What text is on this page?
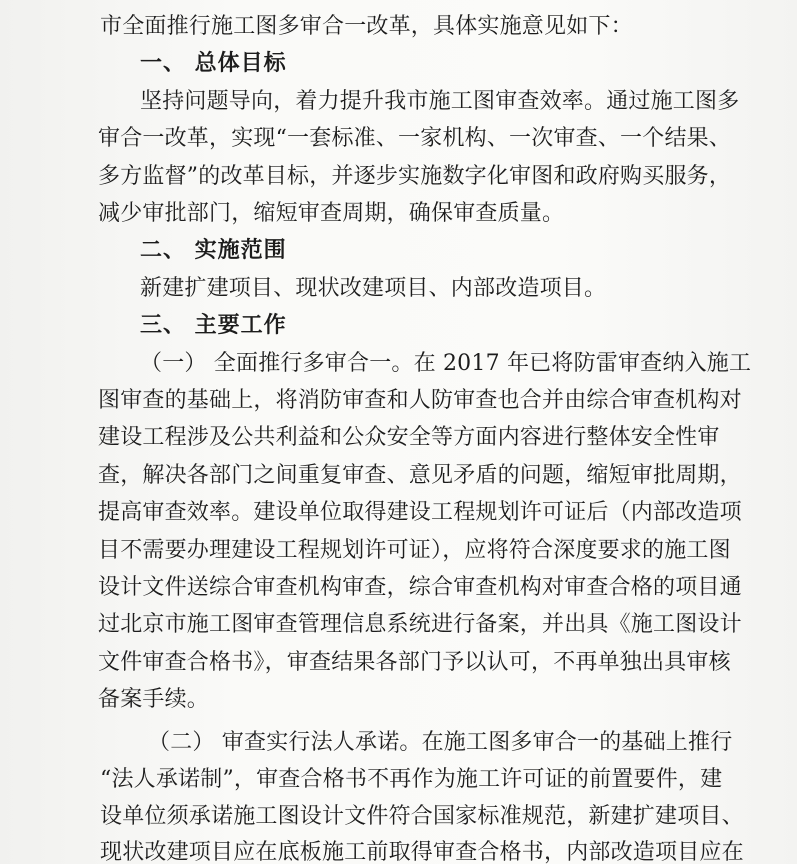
市全面推行施工图多审合一改革，具体实施意见如下：
一、 总体目标
坚持问题导向，着力提升我市施工图审查效率。通过施工图多
审合一改革，实现“一套标准、一家机构、一次审查、一个结果、
多方监督”的改革目标，并逐步实施数字化审图和政府购买服务，
减少审批部门，缩短审查周期，确保审查质量。
二、 实施范围
新建扩建项目、现状改建项目、内部改造项目。
三、 主要工作
（一） 全面推行多审合一。在 2017 年已将防雷审查纳入施工
图审查的基础上，将消防审查和人防审查也合并由综合审查机构对
建设工程涉及公共利益和公众安全等方面内容进行整体安全性审
查，解决各部门之间重复审查、意见矛盾的问题，缩短审批周期，
提高审查效率。建设单位取得建设工程规划许可证后（内部改造项
目不需要办理建设工程规划许可证），应将符合深度要求的施工图
设计文件送综合审查机构审查，综合审查机构对审查合格的项目通
过北京市施工图审查管理信息系统进行备案，并出具《施工图设计
文件审查合格书》，审查结果各部门予以认可，不再单独出具审核
备案手续。
（二） 审查实行法人承诺。在施工图多审合一的基础上推行
“法人承诺制”，审查合格书不再作为施工许可证的前置要件，建
设单位须承诺施工图设计文件符合国家标准规范，新建扩建项目、
现状改建项目应在底板施工前取得审查合格书，内部改造项目应在
